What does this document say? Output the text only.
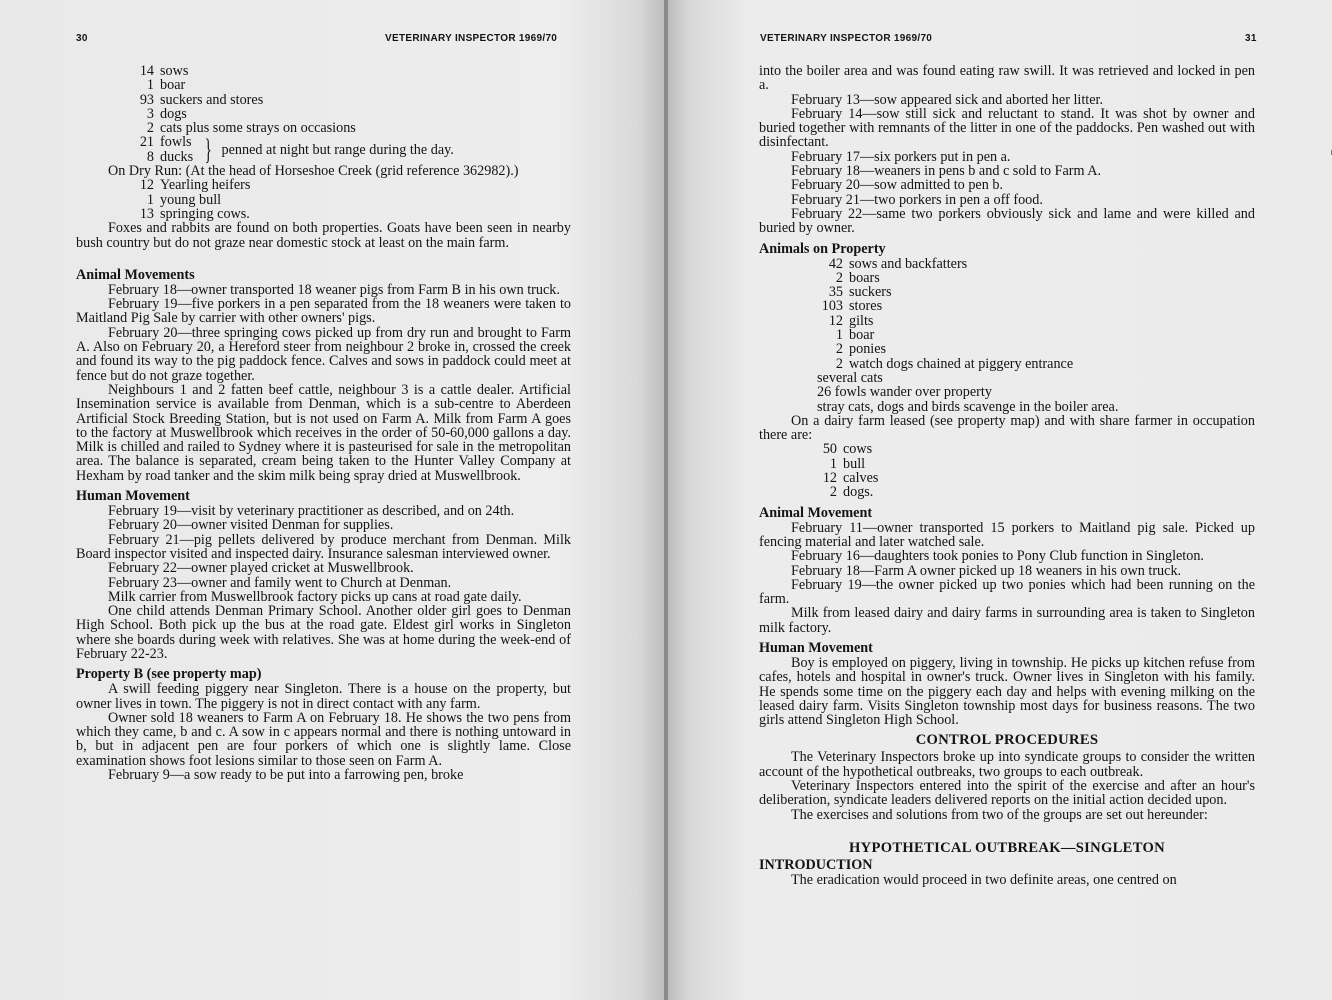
30	VETERINARY INSPECTOR 1969/70
14 sows
1 boar
93 suckers and stores
3 dogs
2 cats plus some strays on occasions
21 fowls
8 ducks } penned at night but range during the day.

On Dry Run: (At the head of Horseshoe Creek (grid reference 362982).)

12 Yearling heifers
1 young bull
13 springing cows.

Foxes and rabbits are found on both properties. Goats have been seen in nearby bush country but do not graze near domestic stock at least on the main farm.

Animal Movements

February 18—owner transported 18 weaner pigs from Farm B in his own truck.

February 19—five porkers in a pen separated from the 18 weaners were taken to Maitland Pig Sale by carrier with other owners' pigs.

February 20—three springing cows picked up from dry run and brought to Farm A. Also on February 20, a Hereford steer from neighbour 2 broke in, crossed the creek and found its way to the pig paddock fence. Calves and sows in paddock could meet at fence but do not graze together.

Neighbours 1 and 2 fatten beef cattle, neighbour 3 is a cattle dealer. Artificial Insemination service is available from Denman, which is a sub-centre to Aberdeen Artificial Stock Breeding Station, but is not used on Farm A. Milk from Farm A goes to the factory at Muswellbrook which receives in the order of 50-60,000 gallons a day. Milk is chilled and railed to Sydney where it is pasteurised for sale in the metropolitan area. The balance is separated, cream being taken to the Hunter Valley Company at Hexham by road tanker and the skim milk being spray dried at Muswellbrook.

Human Movement

February 19—visit by veterinary practitioner as described, and on 24th.

February 20—owner visited Denman for supplies.

February 21—pig pellets delivered by produce merchant from Denman. Milk Board inspector visited and inspected dairy. Insurance salesman interviewed owner.

February 22—owner played cricket at Muswellbrook.

February 23—owner and family went to Church at Denman.

Milk carrier from Muswellbrook factory picks up cans at road gate daily.

One child attends Denman Primary School. Another older girl goes to Denman High School. Both pick up the bus at the road gate. Eldest girl works in Singleton where she boards during week with relatives. She was at home during the week-end of February 22-23.

Property B (see property map)

A swill feeding piggery near Singleton. There is a house on the property, but owner lives in town. The piggery is not in direct contact with any farm.

Owner sold 18 weaners to Farm A on February 18. He shows the two pens from which they came, b and c. A sow in c appears normal and there is nothing untoward in b, but in adjacent pen are four porkers of which one is slightly lame. Close examination shows foot lesions similar to those seen on Farm A.

February 9—a sow ready to be put into a farrowing pen, broke

VETERINARY INSPECTOR 1969/70	31

into the boiler area and was found eating raw swill. It was retrieved and locked in pen a.

February 13—sow appeared sick and aborted her litter.

February 14—sow still sick and reluctant to stand. It was shot by owner and buried together with remnants of the litter in one of the paddocks. Pen washed out with disinfectant.

February 17—six porkers put in pen a.

February 18—weaners in pens b and c sold to Farm A.

February 20—sow admitted to pen b.

February 21—two porkers in pen a off food.

February 22—same two porkers obviously sick and lame and were killed and buried by owner.

Animals on Property
42 sows and backfatters
2 boars
35 suckers
103 stores
12 gilts
1 boar
2 ponies
2 watch dogs chained at piggery entrance
several cats
26 fowls wander over property
stray cats, dogs and birds scavenge in the boiler area.

On a dairy farm leased (see property map) and with share farmer in occupation there are:

50 cows
1 bull
12 calves
2 dogs.
Animal Movement

February 11—owner transported 15 porkers to Maitland pig sale. Picked up fencing material and later watched sale.

February 16—daughters took ponies to Pony Club function in Singleton.

February 18—Farm A owner picked up 18 weaners in his own truck.

February 19—the owner picked up two ponies which had been running on the farm.

Milk from leased dairy and dairy farms in surrounding area is taken to Singleton milk factory.

Human Movement

Boy is employed on piggery, living in township. He picks up kitchen refuse from cafes, hotels and hospital in owner's truck. Owner lives in Singleton with his family. He spends some time on the piggery each day and helps with evening milking on the leased dairy farm. Visits Singleton township most days for business reasons. The two girls attend Singleton High School.

CONTROL PROCEDURES

The Veterinary Inspectors broke up into syndicate groups to consider the written account of the hypothetical outbreaks, two groups to each outbreak.

Veterinary Inspectors entered into the spirit of the exercise and after an hour's deliberation, syndicate leaders delivered reports on the initial action decided upon.

The exercises and solutions from two of the groups are set out hereunder:

HYPOTHETICAL OUTBREAK—SINGLETON
INTRODUCTION

The eradication would proceed in two definite areas, one centred on
